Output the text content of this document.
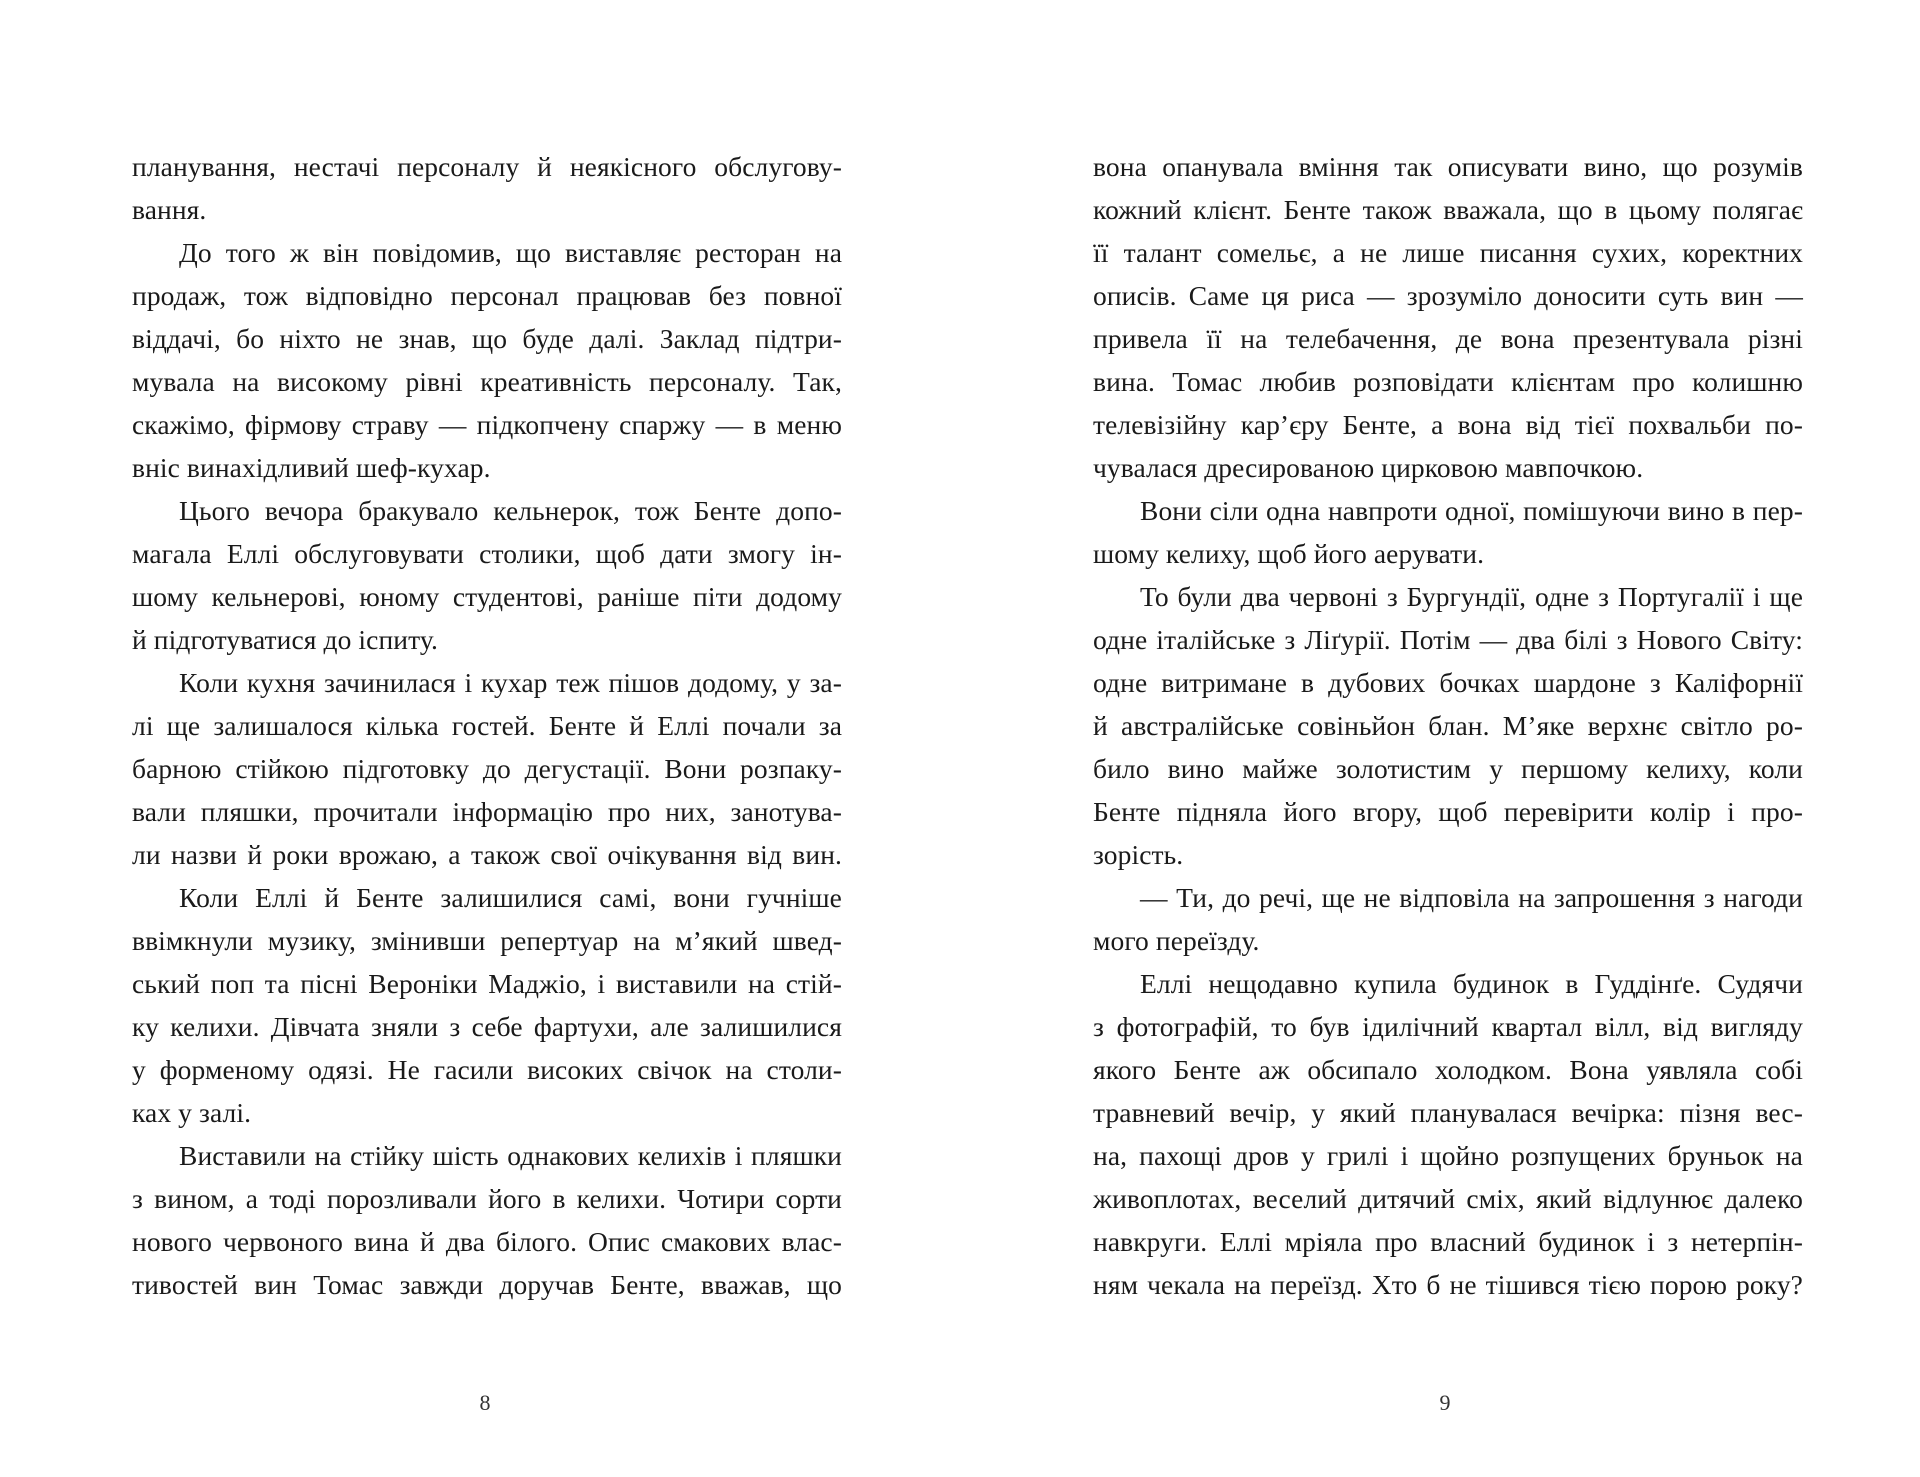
планування, нестачі персоналу й неякісного обслугову-
вання.
До того ж він повідомив, що виставляє ресторан на
продаж, тож відповідно персонал працював без повної
віддачі, бо ніхто не знав, що буде далі. Заклад підтри-
мувала на високому рівні креативність персоналу. Так,
скажімо, фірмову страву — підкопчену спаржу — в меню
вніс винахідливий шеф-кухар.
Цього вечора бракувало кельнерок, тож Бенте допо-
магала Еллі обслуговувати столики, щоб дати змогу ін-
шому кельнерові, юному студентові, раніше піти додому
й підготуватися до іспиту.
Коли кухня зачинилася і кухар теж пішов додому, у за-
лі ще залишалося кілька гостей. Бенте й Еллі почали за
барною стійкою підготовку до дегустації. Вони розпаку-
вали пляшки, прочитали інформацію про них, занотува-
ли назви й роки врожаю, а також свої очікування від вин.
Коли Еллі й Бенте залишилися самі, вони гучніше
ввімкнули музику, змінивши репертуар на м’який швед-
ський поп та пісні Вероніки Маджіо, і виставили на стій-
ку келихи. Дівчата зняли з себе фартухи, але залишилися
у форменому одязі. Не гасили високих свічок на столи-
ках у залі.
Виставили на стійку шість однакових келихів і пляшки
з вином, а тоді порозливали його в келихи. Чотири сорти
нового червоного вина й два білого. Опис смакових влас-
тивостей вин Томас завжди доручав Бенте, вважав, що
8
вона опанувала вміння так описувати вино, що розумів
кожний клієнт. Бенте також вважала, що в цьому полягає
її талант сомельє, а не лише писання сухих, коректних
описів. Саме ця риса — зрозуміло доносити суть вин —
привела її на телебачення, де вона презентувала різні
вина. Томас любив розповідати клієнтам про колишню
телевізійну кар’єру Бенте, а вона від тієї похвальби по-
чувалася дресированою цирковою мавпочкою.
Вони сіли одна навпроти одної, помішуючи вино в пер-
шому келиху, щоб його аерувати.
То були два червоні з Бургундії, одне з Португалії і ще
одне італійське з Ліґурії. Потім — два білі з Нового Світу:
одне витримане в дубових бочках шардоне з Каліфорнії
й австралійське совіньйон блан. М’яке верхнє світло ро-
било вино майже золотистим у першому келиху, коли
Бенте підняла його вгору, щоб перевірити колір і про-
зорість.
— Ти, до речі, ще не відповіла на запрошення з нагоди
мого переїзду.
Еллі нещодавно купила будинок в Гуддінґе. Судячи
з фотографій, то був ідилічний квартал вілл, від вигляду
якого Бенте аж обсипало холодком. Вона уявляла собі
травневий вечір, у який планувалася вечірка: пізня вес-
на, пахощі дров у грилі і щойно розпущених бруньок на
живоплотах, веселий дитячий сміх, який відлунює далеко
навкруги. Еллі мріяла про власний будинок і з нетерпін-
ням чекала на переїзд. Хто б не тішився тією порою року?
9
